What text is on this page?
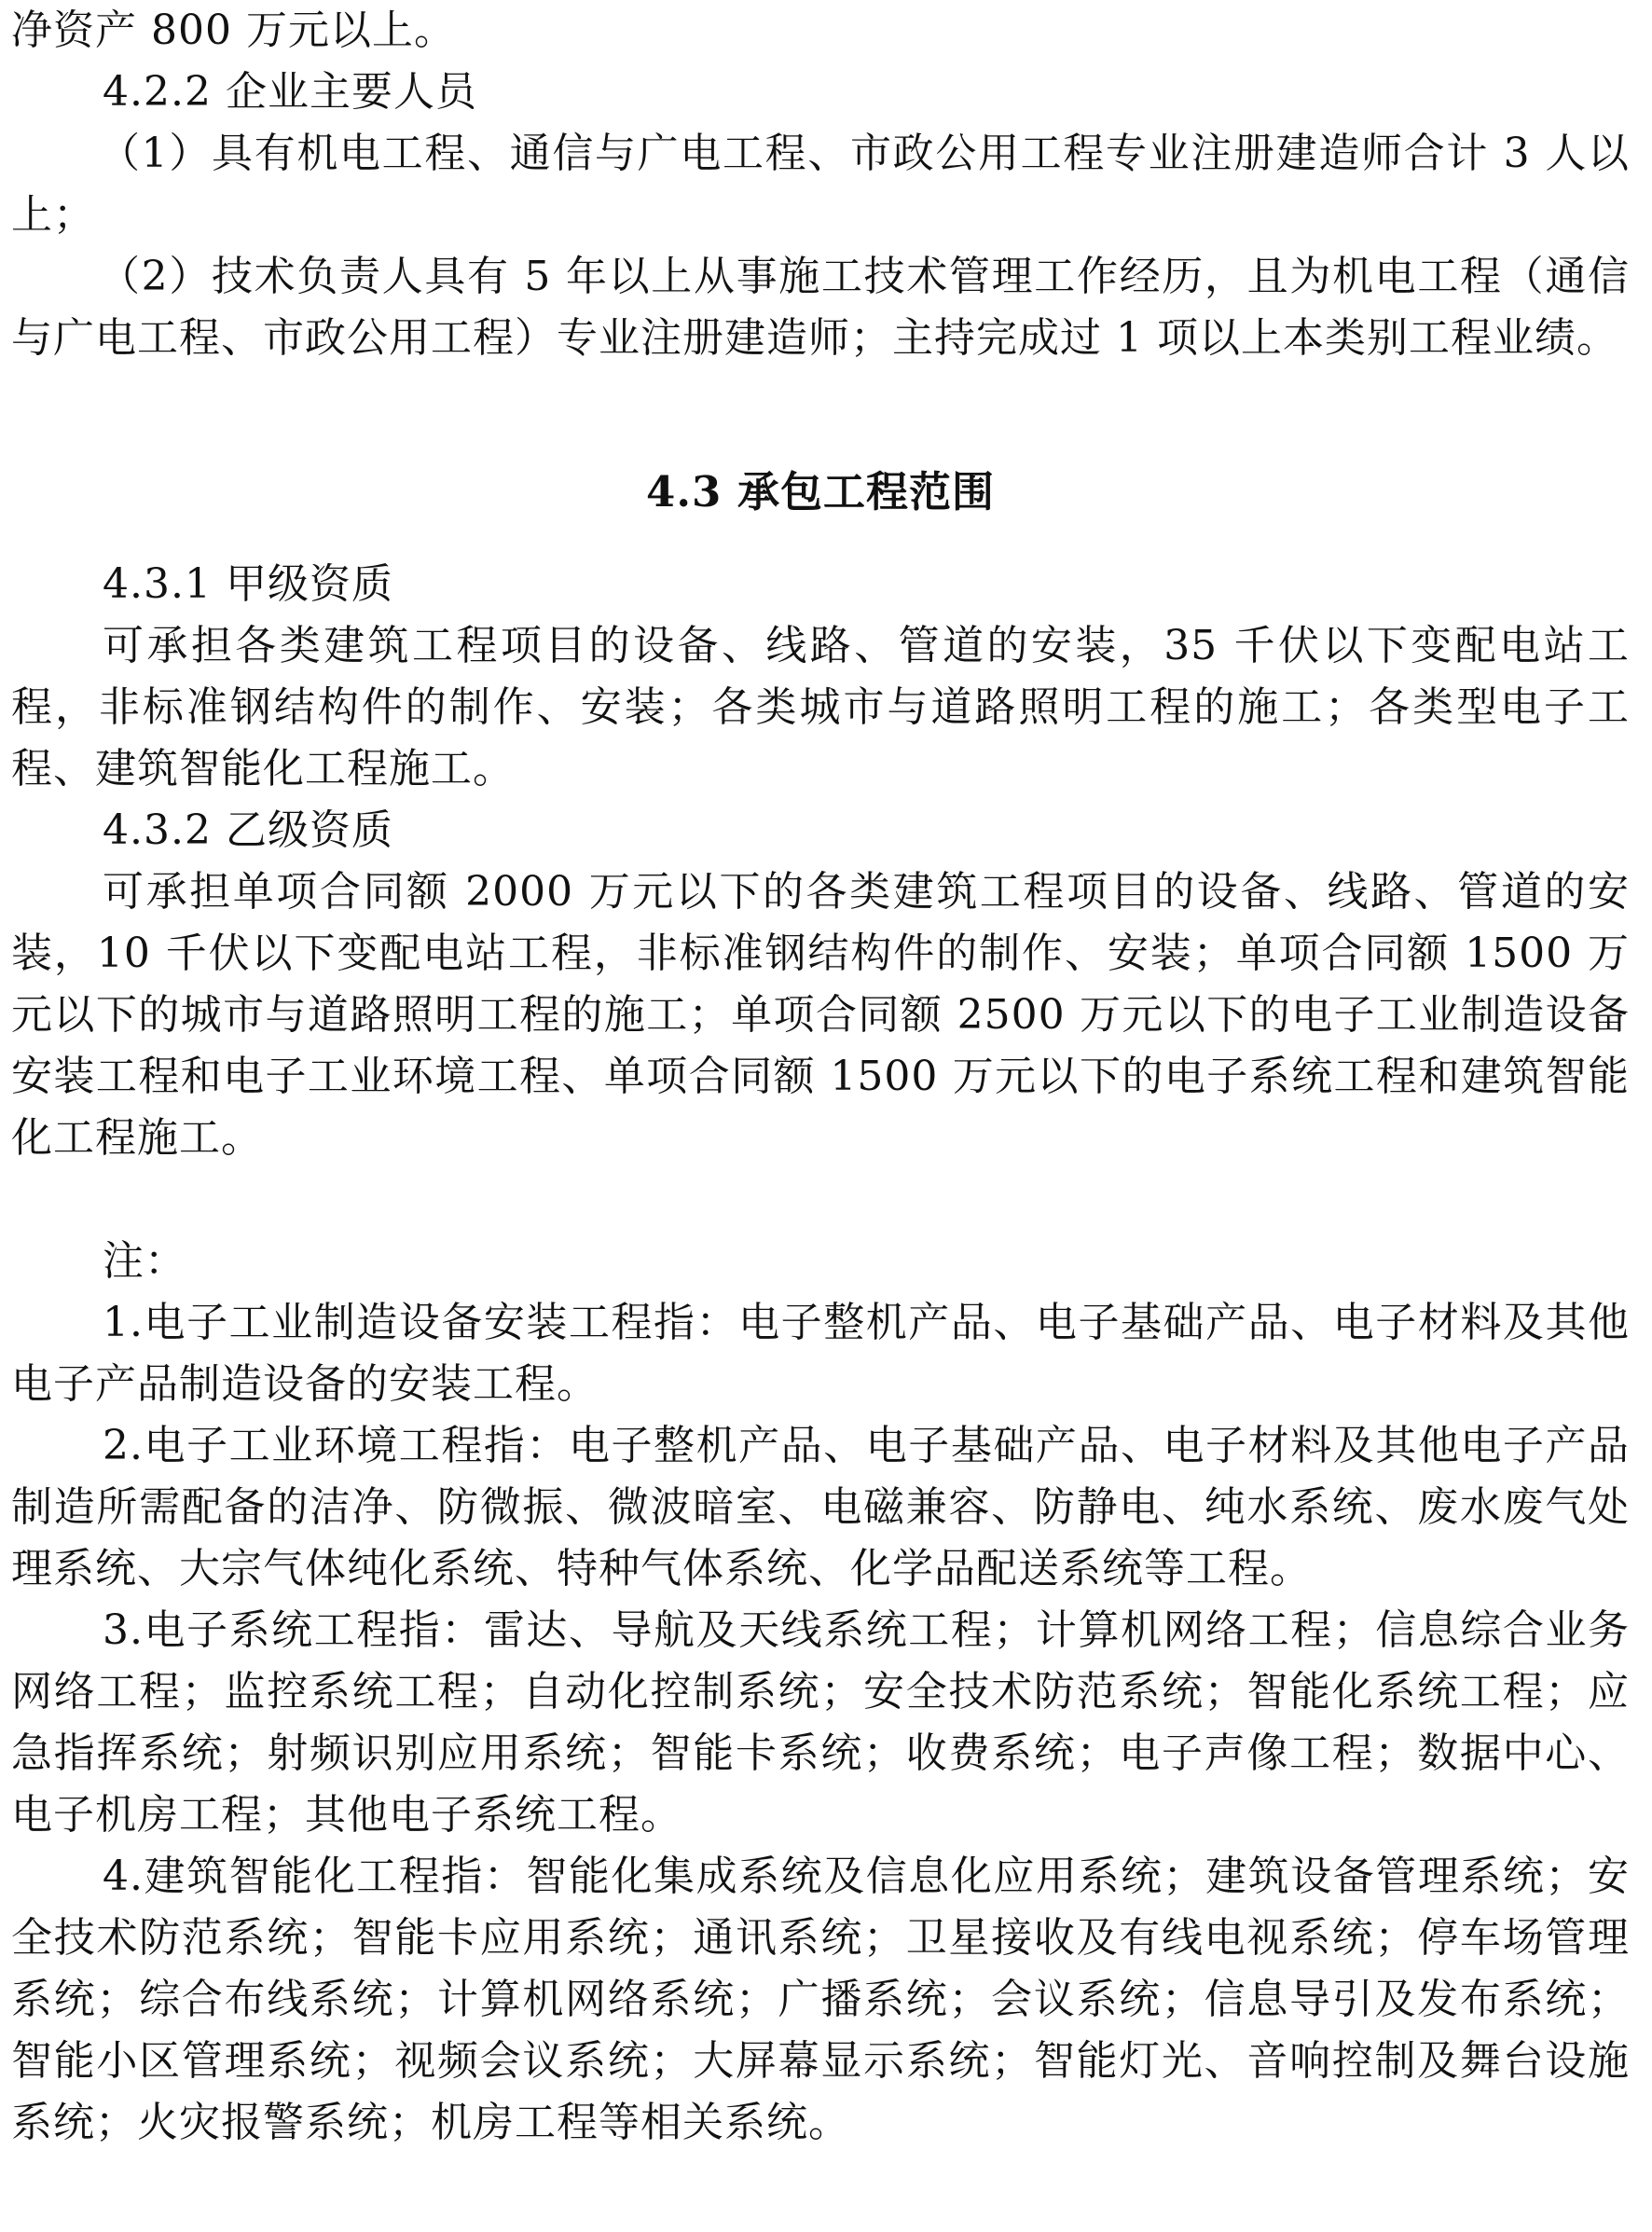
净资产 800 万元以上。

4.2.2 企业主要人员

（1）具有机电工程、通信与广电工程、市政公用工程专业注册建造师合计 3 人以上；

（2）技术负责人具有 5 年以上从事施工技术管理工作经历，且为机电工程（通信与广电工程、市政公用工程）专业注册建造师；主持完成过 1 项以上本类别工程业绩。

4.3 承包工程范围

4.3.1 甲级资质

可承担各类建筑工程项目的设备、线路、管道的安装，35 千伏以下变配电站工程，非标准钢结构件的制作、安装；各类城市与道路照明工程的施工；各类型电子工程、建筑智能化工程施工。

4.3.2 乙级资质

可承担单项合同额 2000 万元以下的各类建筑工程项目的设备、线路、管道的安装，10 千伏以下变配电站工程，非标准钢结构件的制作、安装；单项合同额 1500 万元以下的城市与道路照明工程的施工；单项合同额 2500 万元以下的电子工业制造设备安装工程和电子工业环境工程、单项合同额 1500 万元以下的电子系统工程和建筑智能化工程施工。

注：

1.电子工业制造设备安装工程指：电子整机产品、电子基础产品、电子材料及其他电子产品制造设备的安装工程。

2.电子工业环境工程指：电子整机产品、电子基础产品、电子材料及其他电子产品制造所需配备的洁净、防微振、微波暗室、电磁兼容、防静电、纯水系统、废水废气处理系统、大宗气体纯化系统、特种气体系统、化学品配送系统等工程。

3.电子系统工程指：雷达、导航及天线系统工程；计算机网络工程；信息综合业务网络工程；监控系统工程；自动化控制系统；安全技术防范系统；智能化系统工程；应急指挥系统；射频识别应用系统；智能卡系统；收费系统；电子声像工程；数据中心、电子机房工程；其他电子系统工程。

4.建筑智能化工程指：智能化集成系统及信息化应用系统；建筑设备管理系统；安全技术防范系统；智能卡应用系统；通讯系统；卫星接收及有线电视系统；停车场管理系统；综合布线系统；计算机网络系统；广播系统；会议系统；信息导引及发布系统；智能小区管理系统；视频会议系统；大屏幕显示系统；智能灯光、音响控制及舞台设施系统；火灾报警系统；机房工程等相关系统。
